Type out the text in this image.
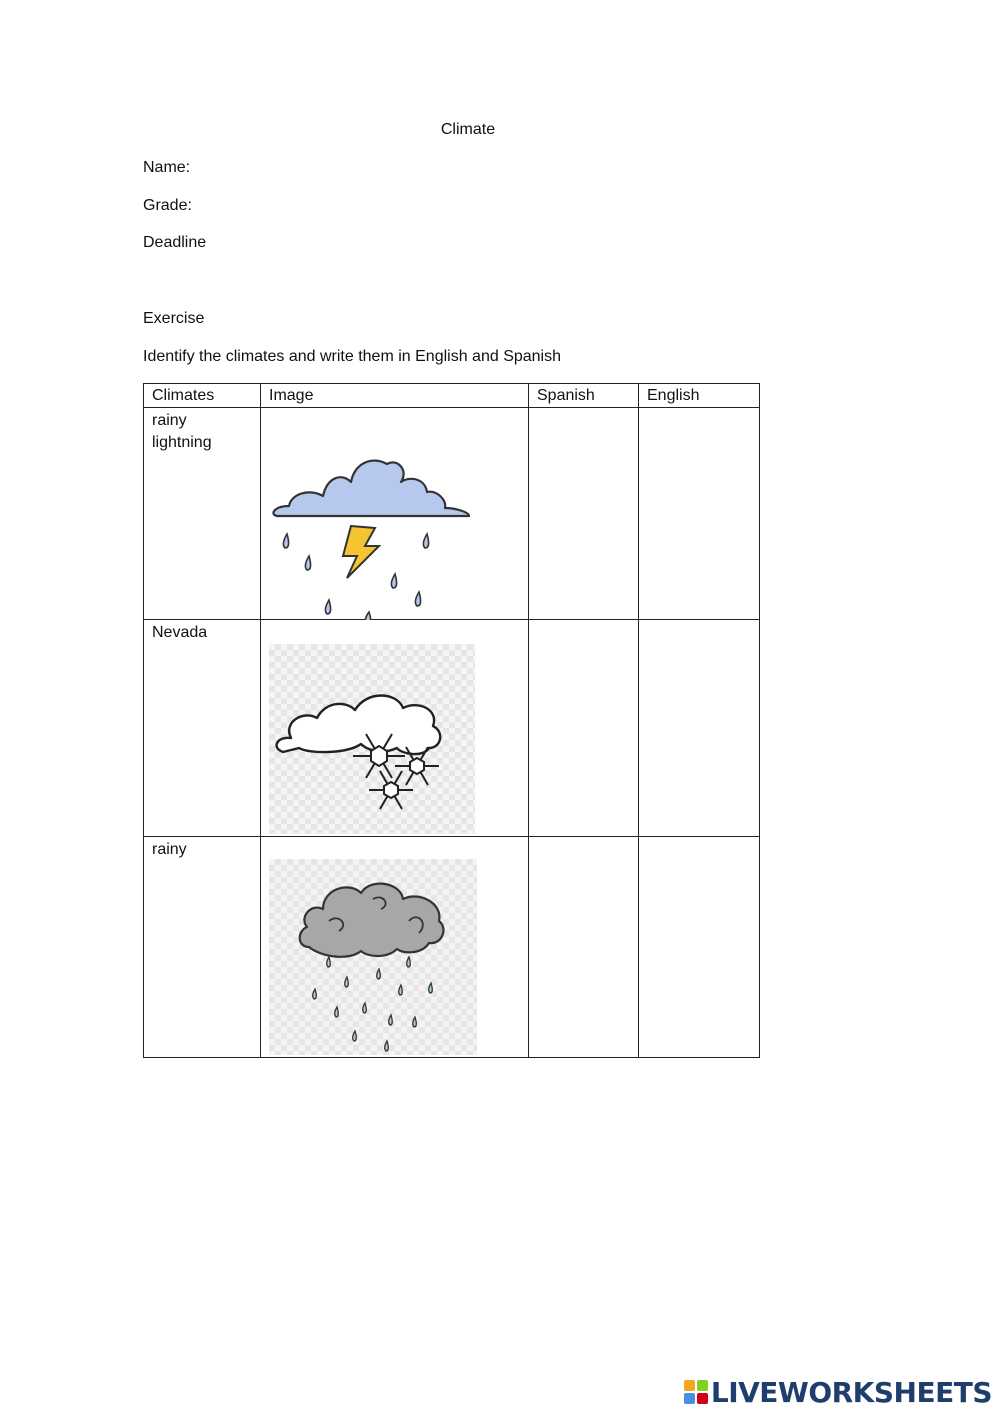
Climate
Name:
Grade:
Deadline
Exercise
Identify the climates and write them in English and Spanish
Climates	Image	Spanish	English
rainy
lightning	

Nevada	

rainy	

LIVEWORKSHEETS
